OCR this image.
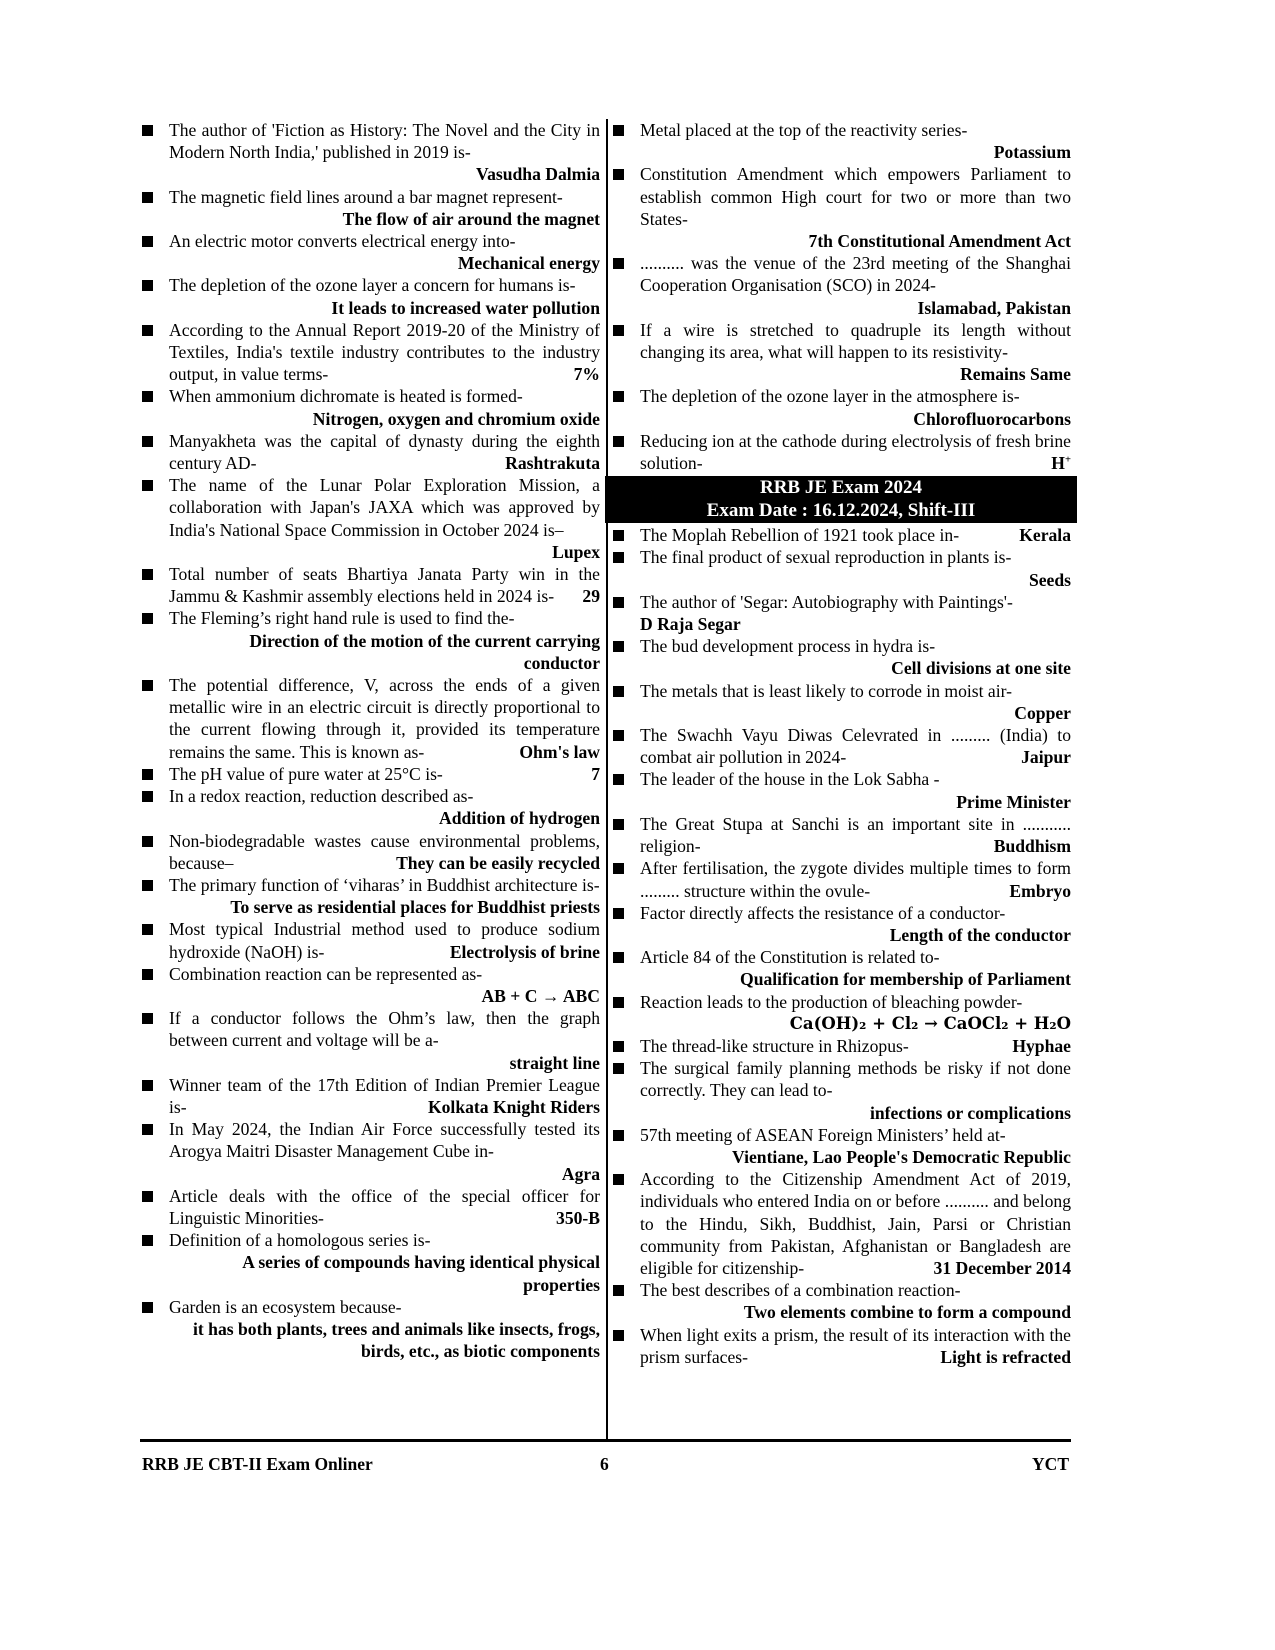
The author of 'Fiction as History: The Novel and the City in Modern North India,' published in 2019 is-
Vasudha Dalmia
The magnetic field lines around a bar magnet represent-
The flow of air around the magnet
An electric motor converts electrical energy into-
Mechanical energy
The depletion of the ozone layer a concern for humans is-
It leads to increased water pollution
According to the Annual Report 2019-20 of the Ministry of Textiles, India's textile industry contributes to the industry output, in value terms-	7%
When ammonium dichromate is heated is formed-
Nitrogen, oxygen and chromium oxide
Manyakheta was the capital of dynasty during the eighth century AD-	Rashtrakuta
The name of the Lunar Polar Exploration Mission, a collaboration with Japan's JAXA which was approved by India's National Space Commission in October 2024 is–
Lupex
Total number of seats Bhartiya Janata Party win in the Jammu & Kashmir assembly elections held in 2024 is- 29
The Fleming’s right hand rule is used to find the-
Direction of the motion of the current carrying conductor
The potential difference, V, across the ends of a given metallic wire in an electric circuit is directly proportional to the current flowing through it, provided its temperature remains the same. This is known as-	Ohm's law
The pH value of pure water at 25°C is-	7
In a redox reaction, reduction described as-
Addition of hydrogen
Non-biodegradable wastes cause environmental problems, because–	They can be easily recycled
The primary function of ‘viharas’ in Buddhist architecture is-
To serve as residential places for Buddhist priests
Most typical Industrial method used to produce sodium hydroxide (NaOH) is-	Electrolysis of brine
Combination reaction can be represented as-
AB + C → ABC
If a conductor follows the Ohm’s law, then the graph between current and voltage will be a-
straight line
Winner team of the 17th Edition of Indian Premier League is-	Kolkata Knight Riders
In May 2024, the Indian Air Force successfully tested its Arogya Maitri Disaster Management Cube in-
Agra
Article deals with the office of the special officer for Linguistic Minorities-	350-B
Definition of a homologous series is-
A series of compounds having identical physical properties
Garden is an ecosystem because-
it has both plants, trees and animals like insects, frogs, birds, etc., as biotic components
Metal placed at the top of the reactivity series-
Potassium
Constitution Amendment which empowers Parliament to establish common High court for two or more than two States-
7th Constitutional Amendment Act
.......... was the venue of the 23rd meeting of the Shanghai Cooperation Organisation (SCO) in 2024-
Islamabad, Pakistan
If a wire is stretched to quadruple its length without changing its area, what will happen to its resistivity-
Remains Same
The depletion of the ozone layer in the atmosphere is-
Chlorofluorocarbons
Reducing ion at the cathode during electrolysis of fresh brine solution-	H+
RRB JE Exam 2024
Exam Date : 16.12.2024, Shift-III
The Moplah Rebellion of 1921 took place in-	Kerala
The final product of sexual reproduction in plants is-
Seeds
The author of 'Segar: Autobiography with Paintings'-
D Raja Segar
The bud development process in hydra is-
Cell divisions at one site
The metals that is least likely to corrode in moist air-
Copper
The Swachh Vayu Diwas Celevrated in ......... (India) to combat air pollution in 2024-	Jaipur
The leader of the house in the Lok Sabha -
Prime Minister
The Great Stupa at Sanchi is an important site in ........... religion-	Buddhism
After fertilisation, the zygote divides multiple times to form ......... structure within the ovule-	Embryo
Factor directly affects the resistance of a conductor-
Length of the conductor
Article 84 of the Constitution is related to-
Qualification for membership of Parliament
Reaction leads to the production of bleaching powder-
Ca(OH)₂ + Cl₂ → CaOCl₂ + H₂O
The thread-like structure in Rhizopus-	Hyphae
The surgical family planning methods be risky if not done correctly. They can lead to-
infections or complications
57th meeting of ASEAN Foreign Ministers’ held at-
Vientiane, Lao People's Democratic Republic
According to the Citizenship Amendment Act of 2019, individuals who entered India on or before .......... and belong to the Hindu, Sikh, Buddhist, Jain, Parsi or Christian community from Pakistan, Afghanistan or Bangladesh are eligible for citizenship-	31 December 2014
The best describes of a combination reaction-
Two elements combine to form a compound
When light exits a prism, the result of its interaction with the prism surfaces-	Light is refracted
RRB JE CBT-II Exam Onliner	6	YCT
